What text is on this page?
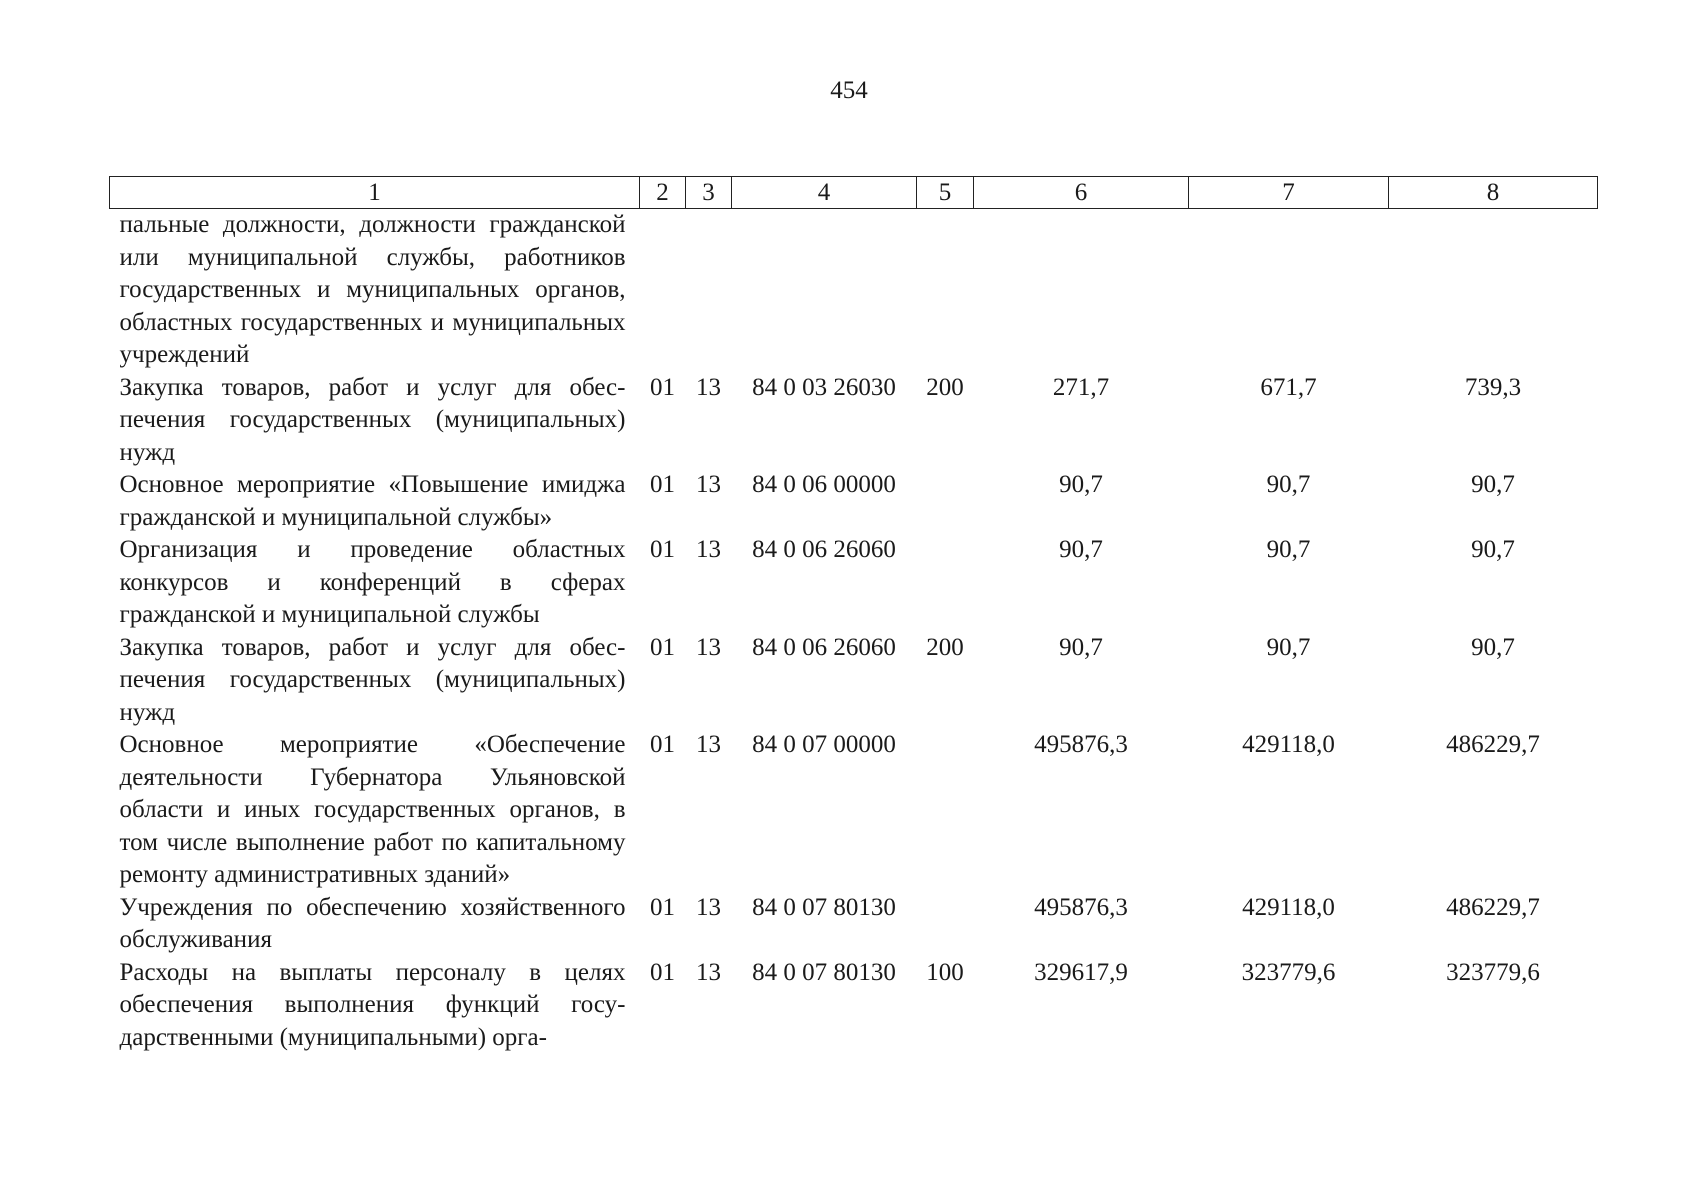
454
1	2	3	4	5	6	7	8
пальные должности, должности гражданской или муниципальной службы, работников государственных и муниципальных органов, областных государственных и муниципальных учреждений							
Закупка товаров, работ и услуг для обеспечения государственных (муниципальных) нужд	01	13	84 0 03 26030	200	271,7	671,7	739,3
Основное мероприятие «Повышение имиджа гражданской и муниципальной службы»	01	13	84 0 06 00000		90,7	90,7	90,7
Организация и проведение областных конкурсов и конференций в сферах гражданской и муниципальной службы	01	13	84 0 06 26060		90,7	90,7	90,7
Закупка товаров, работ и услуг для обеспечения государственных (муниципальных) нужд	01	13	84 0 06 26060	200	90,7	90,7	90,7
Основное мероприятие «Обеспечение деятельности Губернатора Ульяновской области и иных государственных органов, в том числе выполнение работ по капитальному ремонту административных зданий»	01	13	84 0 07 00000		495876,3	429118,0	486229,7
Учреждения по обеспечению хозяйственного обслуживания	01	13	84 0 07 80130		495876,3	429118,0	486229,7
Расходы на выплаты персоналу в целях обеспечения выполнения функций государственными (муниципальными) орга-	01	13	84 0 07 80130	100	329617,9	323779,6	323779,6
